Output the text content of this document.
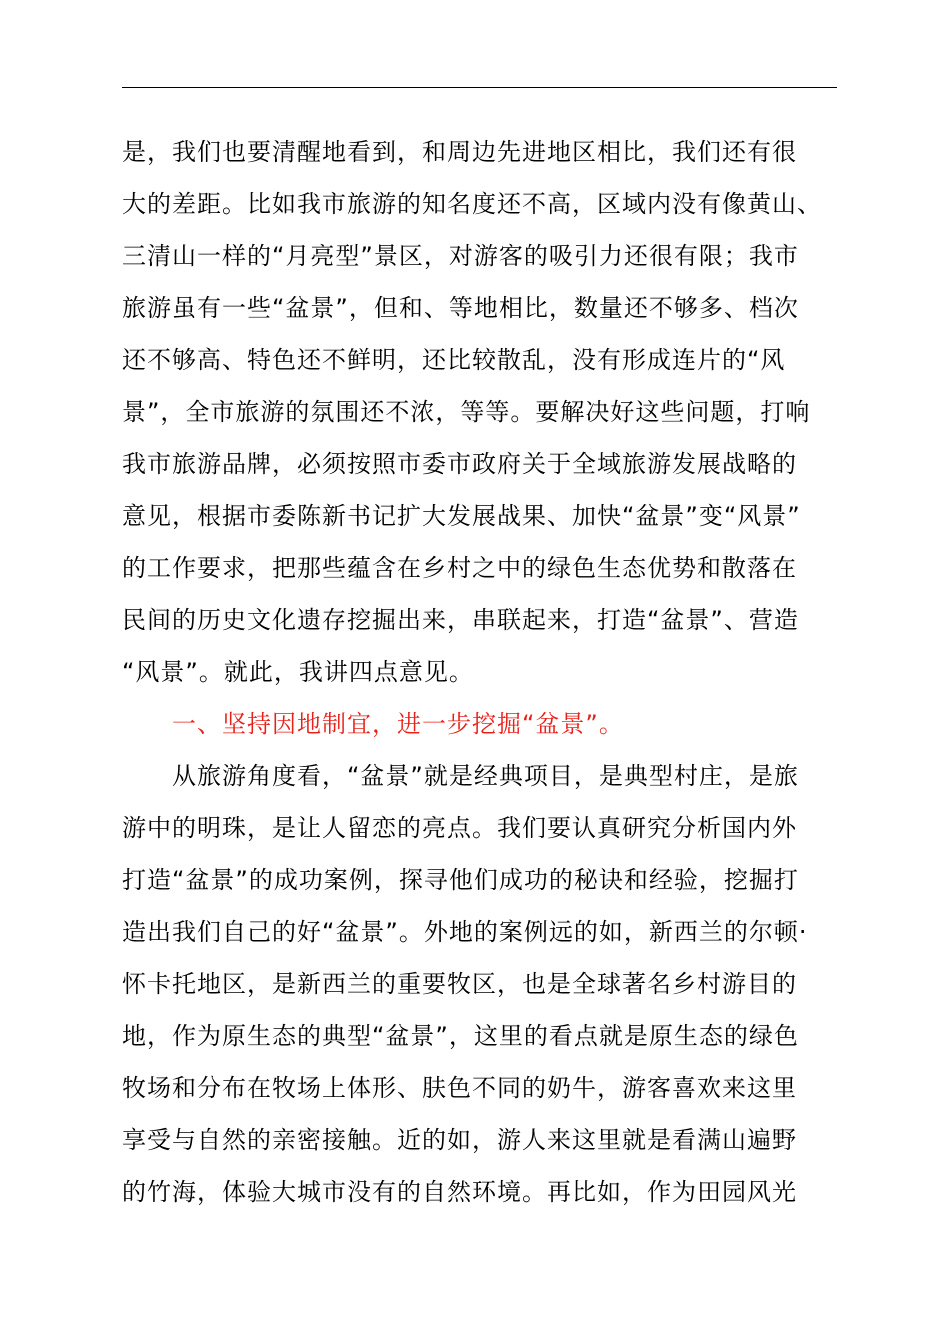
是，我们也要清醒地看到，和周边先进地区相比，我们还有很
大的差距。比如我市旅游的知名度还不高，区域内没有像黄山、
三清山一样的“月亮型”景区，对游客的吸引力还很有限；我市
旅游虽有一些“盆景”，但和、等地相比，数量还不够多、档次
还不够高、特色还不鲜明，还比较散乱，没有形成连片的“风
景”，全市旅游的氛围还不浓，等等。要解决好这些问题，打响
我市旅游品牌，必须按照市委市政府关于全域旅游发展战略的
意见，根据市委陈新书记扩大发展战果、加快“盆景”变“风景”
的工作要求，把那些蕴含在乡村之中的绿色生态优势和散落在
民间的历史文化遗存挖掘出来，串联起来，打造“盆景”、营造
“风景”。就此，我讲四点意见。

一、坚持因地制宜，进一步挖掘“盆景”。

从旅游角度看，“盆景”就是经典项目，是典型村庄，是旅
游中的明珠，是让人留恋的亮点。我们要认真研究分析国内外
打造“盆景”的成功案例，探寻他们成功的秘诀和经验，挖掘打
造出我们自己的好“盆景”。外地的案例远的如，新西兰的尔顿·
怀卡托地区，是新西兰的重要牧区，也是全球著名乡村游目的
地，作为原生态的典型“盆景”，这里的看点就是原生态的绿色
牧场和分布在牧场上体形、肤色不同的奶牛，游客喜欢来这里
享受与自然的亲密接触。近的如，游人来这里就是看满山遍野
的竹海，体验大城市没有的自然环境。再比如，作为田园风光
